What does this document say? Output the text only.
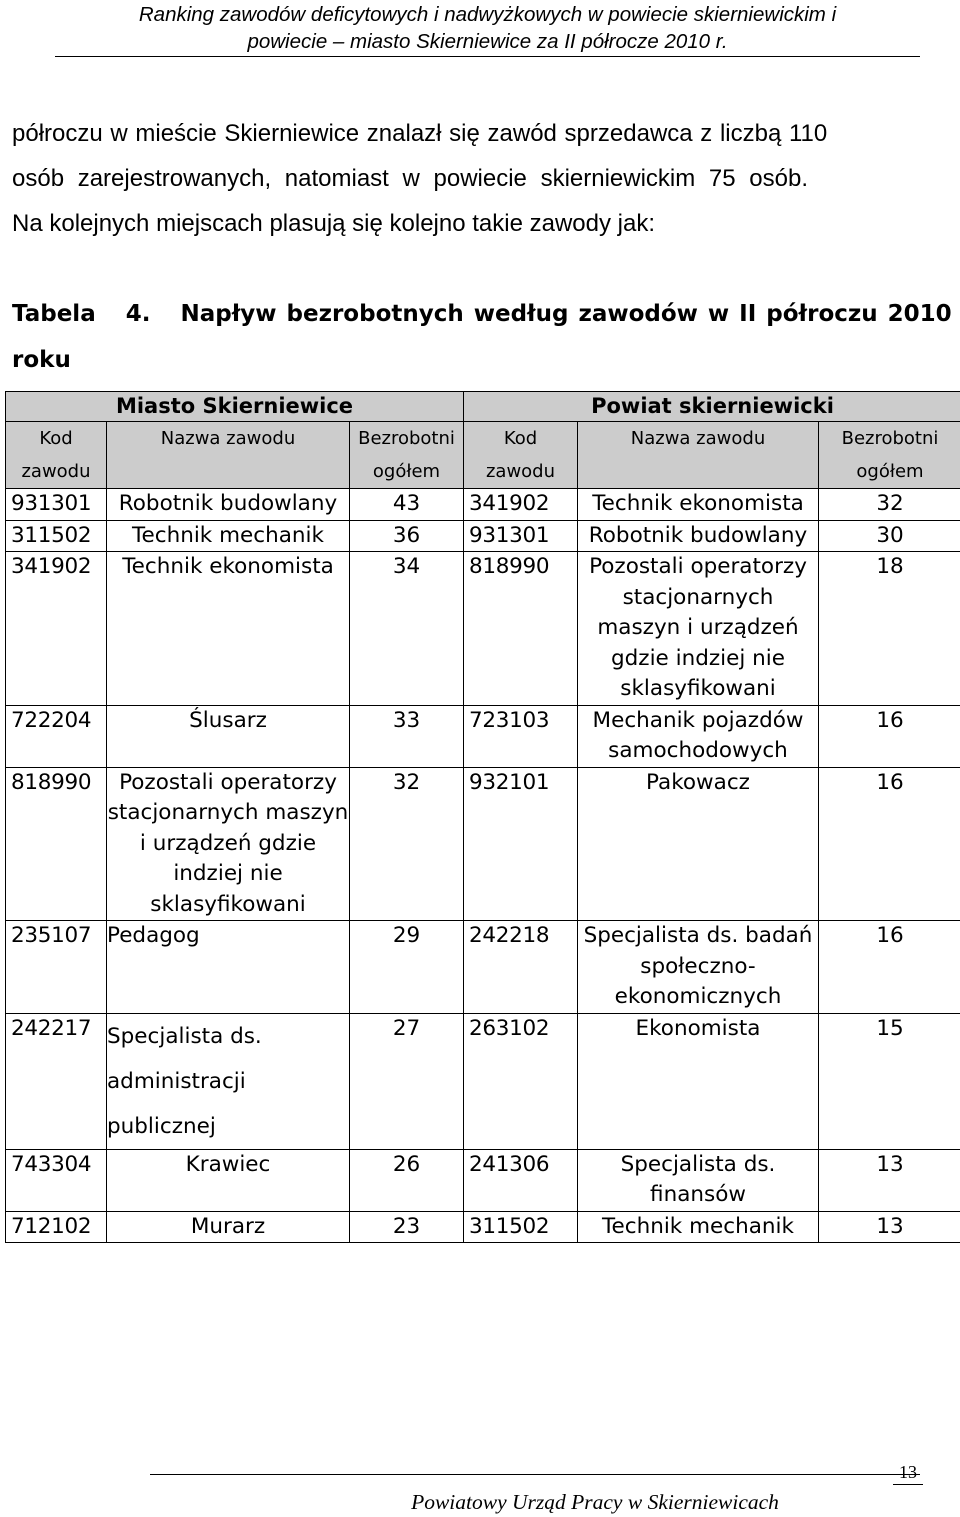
Ranking zawodów deficytowych i nadwyżkowych w powiecie skierniewickim i
powiecie – miasto Skierniewice za II półrocze 2010 r.
półroczu w mieście Skierniewice znalazł się zawód sprzedawca z liczbą 110
osób zarejestrowanych, natomiast w powiecie skierniewickim 75 osób.
Na kolejnych miejscach plasują się kolejno takie zawody jak:
Tabela   4.   Napływ bezrobotnych według zawodów w II półroczu 2010
roku
Miasto Skierniewice			Powiat skierniewicki		
Kod	Nazwa zawodu	Bezrobotni	Kod	Nazwa zawodu	Bezrobotni
zawodu		ogółem	zawodu		ogółem
931301	Robotnik budowlany	43	341902	Technik ekonomista	32
311502	Technik mechanik	36	931301	Robotnik budowlany	30
341902	Technik ekonomista	34	818990	Pozostali operatorzy stacjonarnych maszyn i urządzeń gdzie indziej nie sklasyfikowani	18
722204	Ślusarz	33	723103	Mechanik pojazdów samochodowych	16
818990	Pozostali operatorzy stacjonarnych maszyn i urządzeń gdzie indziej nie sklasyfikowani	32	932101	Pakowacz	16
235107	Pedagog	29	242218	Specjalista ds. badań społeczno-ekonomicznych	16
242217	Specjalista ds. administracji publicznej	27	263102	Ekonomista	15
743304	Krawiec	26	241306	Specjalista ds. finansów	13
712102	Murarz	23	311502	Technik mechanik	13
13
Powiatowy Urząd Pracy w Skierniewicach
